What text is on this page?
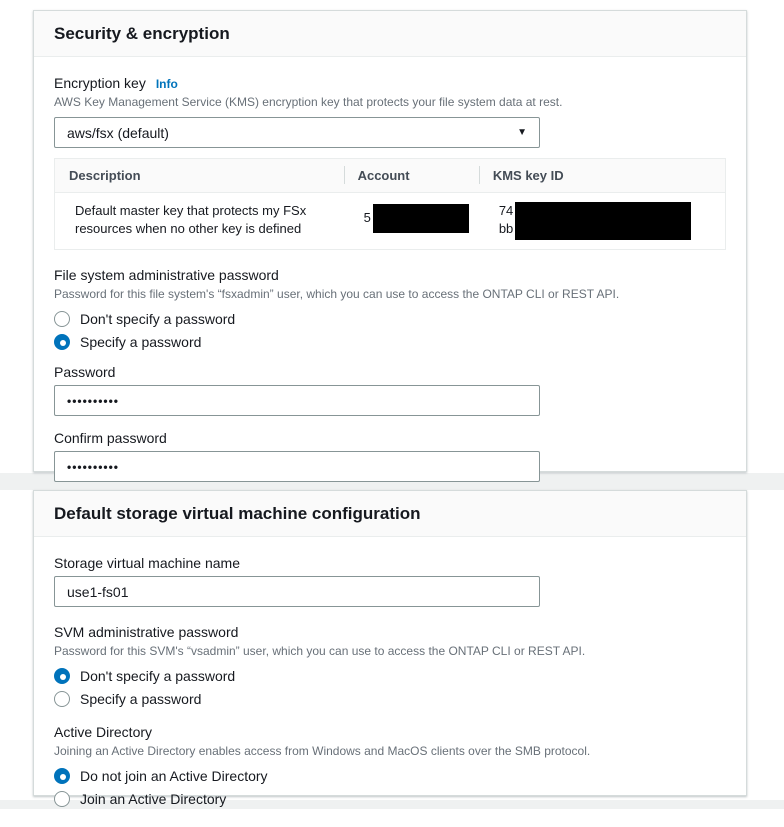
Security & encryption
Encryption key Info
AWS Key Management Service (KMS) encryption key that protects your file system data at rest.
aws/fsx (default)	▼
Description	Account	KMS key ID

Default master key that protects my FSx resources when no other key is defined	5	74
bb
File system administrative password
Password for this file system's “fsxadmin” user, which you can use to access the ONTAP CLI or REST API.
Don't specify a password
Specify a password
Password
••••••••••
Confirm password
••••••••••
Default storage virtual machine configuration
Storage virtual machine name
use1-fs01
SVM administrative password
Password for this SVM's “vsadmin” user, which you can use to access the ONTAP CLI or REST API.
Don't specify a password
Specify a password
Active Directory
Joining an Active Directory enables access from Windows and MacOS clients over the SMB protocol.
Do not join an Active Directory
Join an Active Directory
